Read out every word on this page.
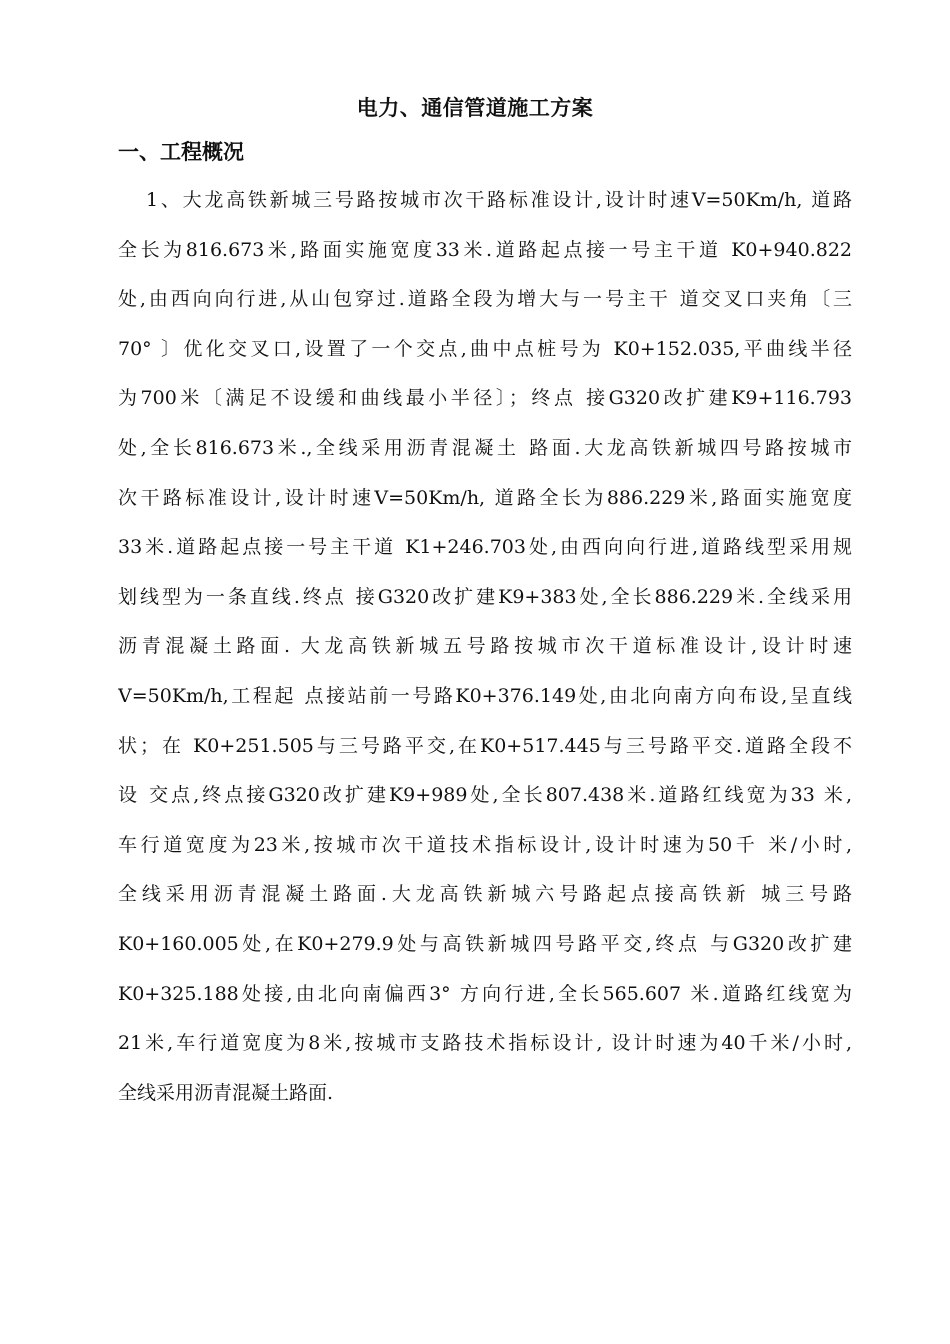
电力、通信管道施工方案
一、工程概况
1、大龙高铁新城三号路按城市次干路标准设计,设计时速V=50Km/h, 道路
全长为816.673米,路面实施宽度33米.道路起点接一号主干道 K0+940.822
处,由西向向行进,从山包穿过.道路全段为增大与一号主干 道交叉口夹角〔三
70° 〕优化交叉口,设置了一个交点,曲中点桩号为 K0+152.035,平曲线半径
为700米〔满足不设缓和曲线最小半径〕；终点 接G320改扩建K9+116.793
处,全长816.673米.,全线采用沥青混凝土 路面.大龙高铁新城四号路按城市
次干路标准设计,设计时速V=50Km/h, 道路全长为886.229米,路面实施宽度
33米.道路起点接一号主干道 K1+246.703处,由西向向行进,道路线型采用规
划线型为一条直线.终点 接G320改扩建K9+383处,全长886.229米.全线采用
沥青混凝土路面. 大龙高铁新城五号路按城市次干道标准设计,设计时速
V=50Km/h,工程起 点接站前一号路K0+376.149处,由北向南方向布设,呈直线
状；在 K0+251.505与三号路平交,在K0+517.445与三号路平交.道路全段不
设 交点,终点接G320改扩建K9+989处,全长807.438米.道路红线宽为33 米,
车行道宽度为23米,按城市次干道技术指标设计,设计时速为50千 米/小时,
全线采用沥青混凝土路面.大龙高铁新城六号路起点接高铁新 城三号路
K0+160.005处,在K0+279.9处与高铁新城四号路平交,终点 与G320改扩建
K0+325.188处接,由北向南偏西3° 方向行进,全长565.607 米.道路红线宽为
21米,车行道宽度为8米,按城市支路技术指标设计, 设计时速为40千米/小时,
全线采用沥青混凝土路面.
